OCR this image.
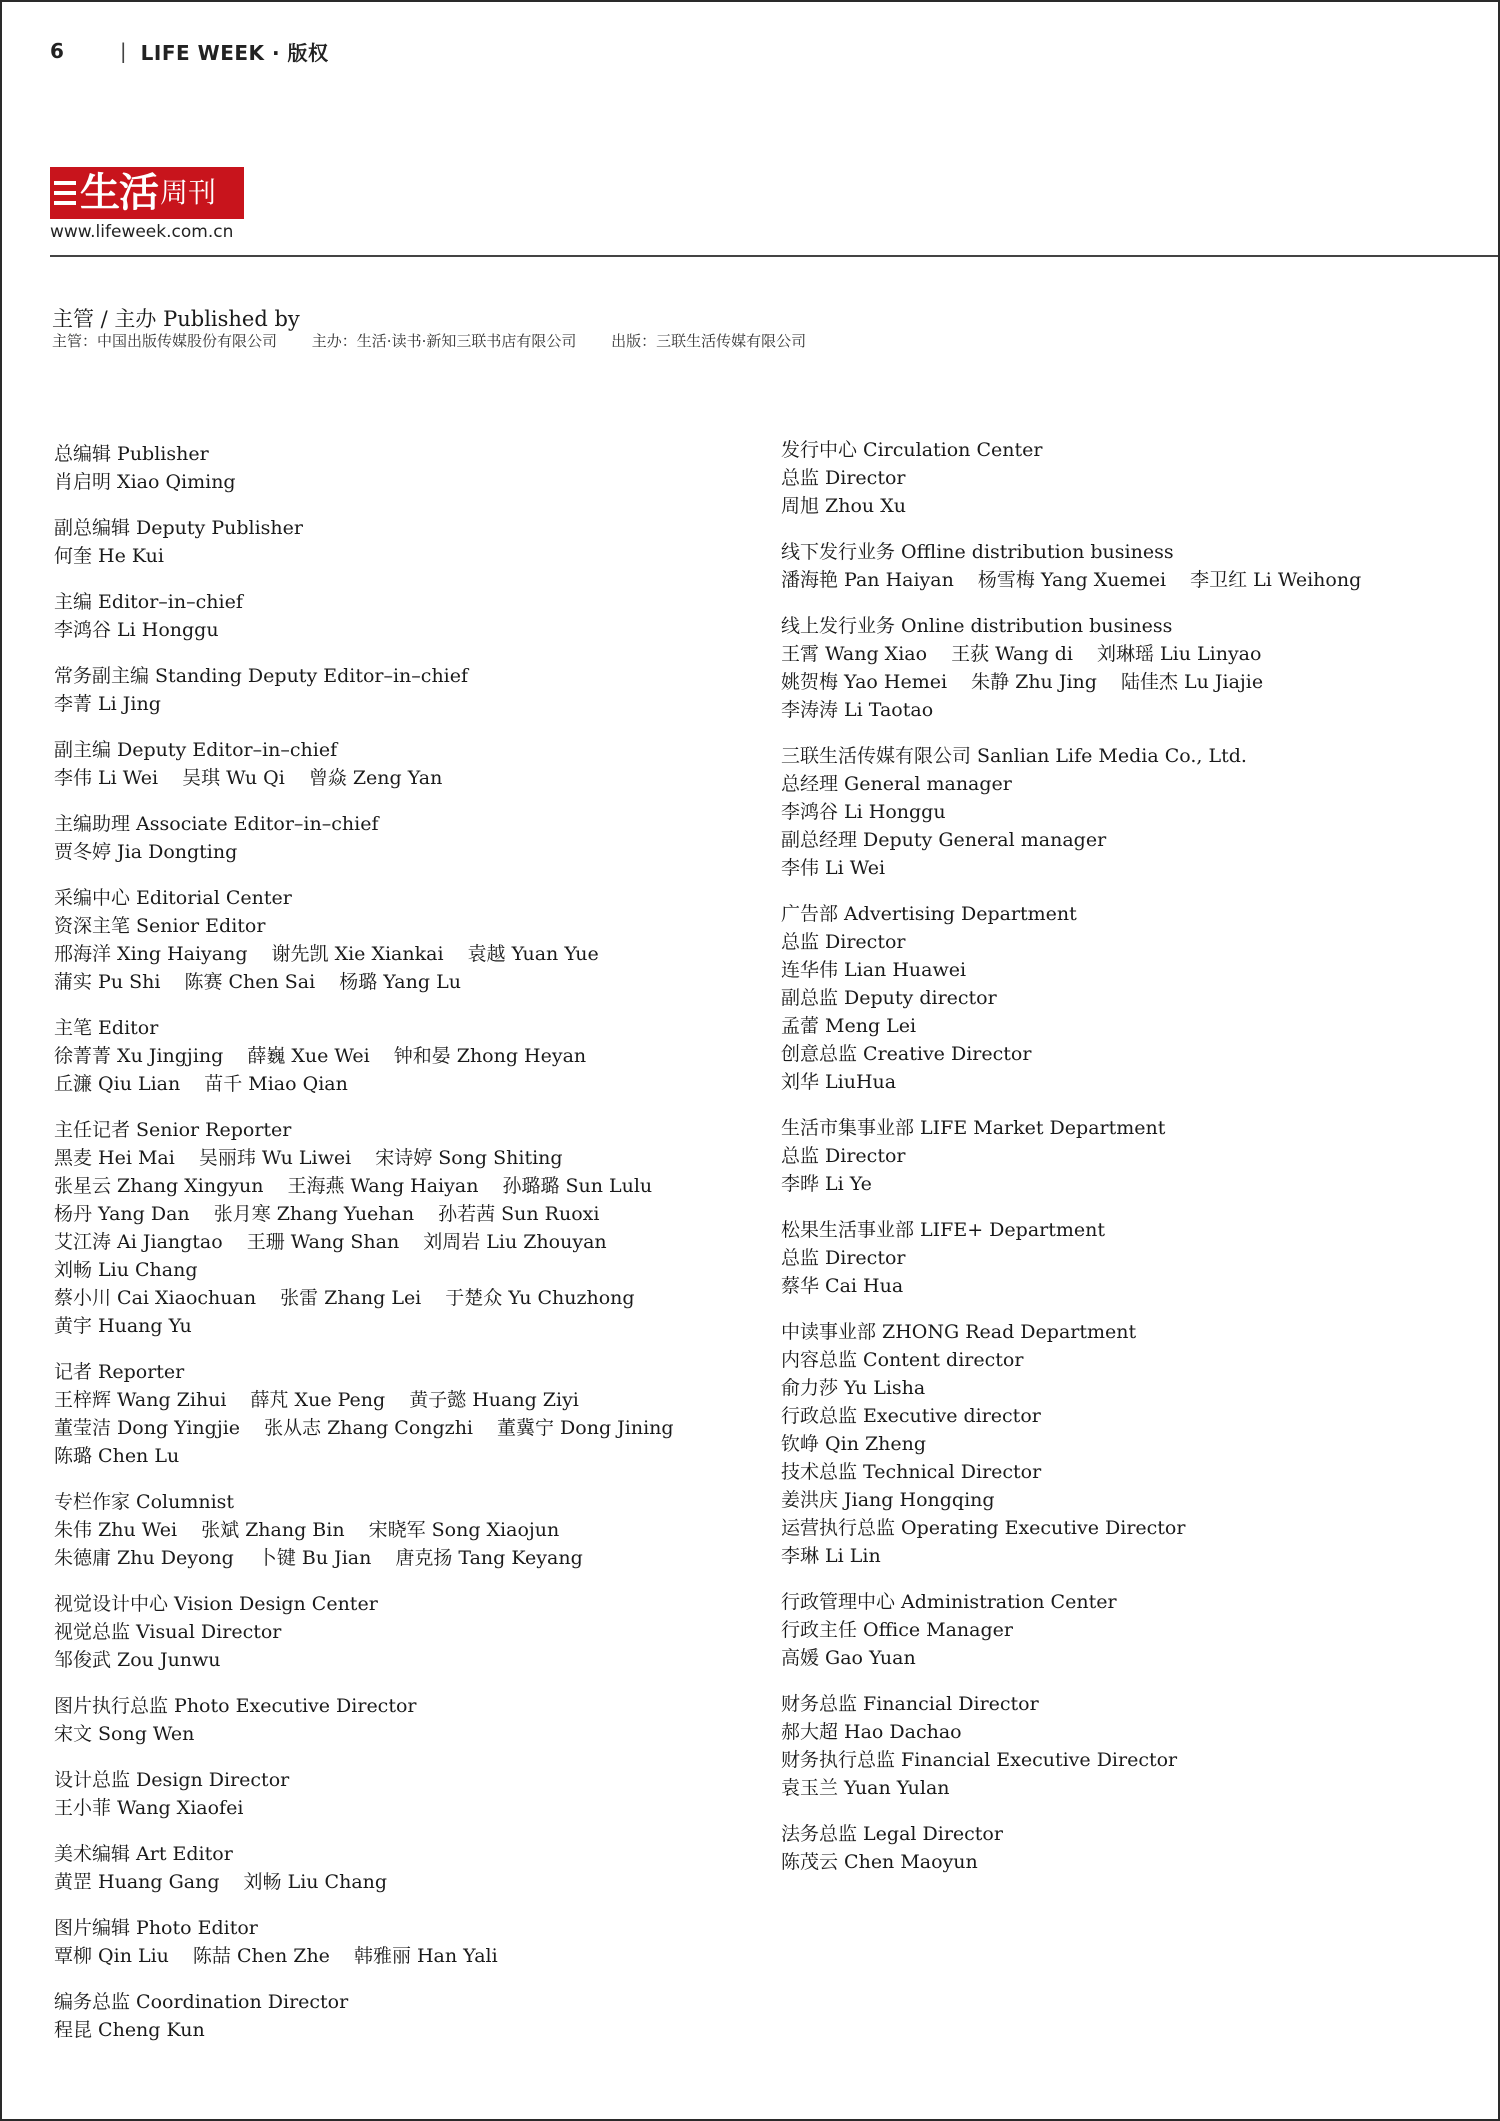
6	| LIFE WEEK · 版权
生活 周刊
www.lifeweek.com.cn
主管 / 主办 Published by
主管：中国出版传媒股份有限公司 主办：生活·读书·新知三联书店有限公司 出版：三联生活传媒有限公司
总编辑 Publisher
肖启明 Xiao Qiming
副总编辑 Deputy Publisher
何奎 He Kui
主编 Editor–in–chief
李鸿谷 Li Honggu
常务副主编 Standing Deputy Editor–in–chief
李菁 Li Jing
副主编 Deputy Editor–in–chief
李伟 Li Wei 吴琪 Wu Qi 曾焱 Zeng Yan
主编助理 Associate Editor–in–chief
贾冬婷 Jia Dongting
采编中心 Editorial Center
资深主笔 Senior Editor
邢海洋 Xing Haiyang 谢先凯 Xie Xiankai 袁越 Yuan Yue
蒲实 Pu Shi 陈赛 Chen Sai 杨璐 Yang Lu
主笔 Editor
徐菁菁 Xu Jingjing 薛巍 Xue Wei 钟和晏 Zhong Heyan
丘濂 Qiu Lian 苗千 Miao Qian
主任记者 Senior Reporter
黑麦 Hei Mai 吴丽玮 Wu Liwei 宋诗婷 Song Shiting
张星云 Zhang Xingyun 王海燕 Wang Haiyan 孙璐璐 Sun Lulu
杨丹 Yang Dan 张月寒 Zhang Yuehan 孙若茜 Sun Ruoxi
艾江涛 Ai Jiangtao 王珊 Wang Shan 刘周岩 Liu Zhouyan
刘畅 Liu Chang
蔡小川 Cai Xiaochuan 张雷 Zhang Lei 于楚众 Yu Chuzhong
黄宇 Huang Yu
记者 Reporter
王梓辉 Wang Zihui 薛芃 Xue Peng 黄子懿 Huang Ziyi
董莹洁 Dong Yingjie 张从志 Zhang Congzhi 董冀宁 Dong Jining
陈璐 Chen Lu
专栏作家 Columnist
朱伟 Zhu Wei 张斌 Zhang Bin 宋晓军 Song Xiaojun
朱德庸 Zhu Deyong 卜键 Bu Jian 唐克扬 Tang Keyang
视觉设计中心 Vision Design Center
视觉总监 Visual Director
邹俊武 Zou Junwu
图片执行总监 Photo Executive Director
宋文 Song Wen
设计总监 Design Director
王小菲 Wang Xiaofei
美术编辑 Art Editor
黄罡 Huang Gang 刘畅 Liu Chang
图片编辑 Photo Editor
覃柳 Qin Liu 陈喆 Chen Zhe 韩雅丽 Han Yali
编务总监 Coordination Director
程昆 Cheng Kun
发行中心 Circulation Center
总监 Director
周旭 Zhou Xu
线下发行业务 Offline distribution business
潘海艳 Pan Haiyan 杨雪梅 Yang Xuemei 李卫红 Li Weihong
线上发行业务 Online distribution business
王霄 Wang Xiao 王荻 Wang di 刘琳瑶 Liu Linyao
姚贺梅 Yao Hemei 朱静 Zhu Jing 陆佳杰 Lu Jiajie
李涛涛 Li Taotao
三联生活传媒有限公司 Sanlian Life Media Co., Ltd.
总经理 General manager
李鸿谷 Li Honggu
副总经理 Deputy General manager
李伟 Li Wei
广告部 Advertising Department
总监 Director
连华伟 Lian Huawei
副总监 Deputy director
孟蕾 Meng Lei
创意总监 Creative Director
刘华 LiuHua
生活市集事业部 LIFE Market Department
总监 Director
李晔 Li Ye
松果生活事业部 LIFE+ Department
总监 Director
蔡华 Cai Hua
中读事业部 ZHONG Read Department
内容总监 Content director
俞力莎 Yu Lisha
行政总监 Executive director
钦峥 Qin Zheng
技术总监 Technical Director
姜洪庆 Jiang Hongqing
运营执行总监 Operating Executive Director
李琳 Li Lin
行政管理中心 Administration Center
行政主任 Office Manager
高媛 Gao Yuan
财务总监 Financial Director
郝大超 Hao Dachao
财务执行总监 Financial Executive Director
袁玉兰 Yuan Yulan
法务总监 Legal Director
陈茂云 Chen Maoyun
